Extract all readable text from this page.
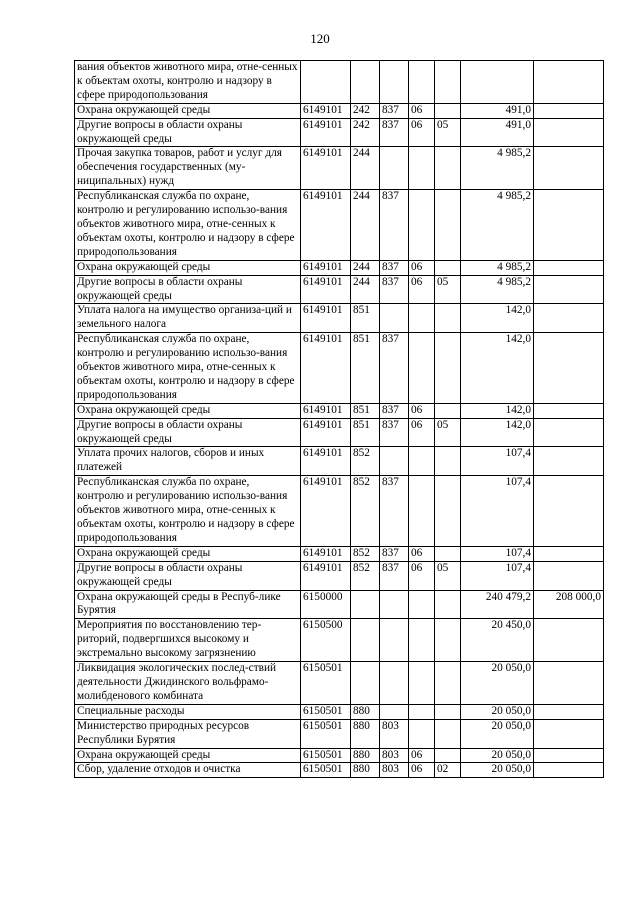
120
вания объектов животного мира, отне-сенных к объектам охоты, контролю и надзору в сфере природопользования							
Охрана окружающей среды	6149101	242	837	06		491,0	
Другие вопросы в области охраны окружающей среды	6149101	242	837	06	05	491,0	
Прочая закупка товаров, работ и услуг для обеспечения государственных (му-ниципальных) нужд	6149101	244				4 985,2	
Республиканская служба по охране, контролю и регулированию использо-вания объектов животного мира, отне-сенных к объектам охоты, контролю и надзору в сфере природопользования	6149101	244	837			4 985,2	
Охрана окружающей среды	6149101	244	837	06		4 985,2	
Другие вопросы в области охраны окружающей среды	6149101	244	837	06	05	4 985,2	
Уплата налога на имущество организа-ций и земельного налога	6149101	851				142,0	
Республиканская служба по охране, контролю и регулированию использо-вания объектов животного мира, отне-сенных к объектам охоты, контролю и надзору в сфере природопользования	6149101	851	837			142,0	
Охрана окружающей среды	6149101	851	837	06		142,0	
Другие вопросы в области охраны окружающей среды	6149101	851	837	06	05	142,0	
Уплата прочих налогов, сборов и иных платежей	6149101	852				107,4	
Республиканская служба по охране, контролю и регулированию использо-вания объектов животного мира, отне-сенных к объектам охоты, контролю и надзору в сфере природопользования	6149101	852	837			107,4	
Охрана окружающей среды	6149101	852	837	06		107,4	
Другие вопросы в области охраны окружающей среды	6149101	852	837	06	05	107,4	
Охрана окружающей среды в Респуб-лике Бурятия	6150000					240 479,2	208 000,0
Мероприятия по восстановлению тер-риторий, подвергшихся высокому и экстремально высокому загрязнению	6150500					20 450,0	
Ликвидация экологических послед-ствий деятельности Джидинского вольфрамо-молибденового комбината	6150501					20 050,0	
Специальные расходы	6150501	880				20 050,0	
Министерство природных ресурсов Республики Бурятия	6150501	880	803			20 050,0	
Охрана окружающей среды	6150501	880	803	06		20 050,0	
Сбор, удаление отходов и очистка	6150501	880	803	06	02	20 050,0	
